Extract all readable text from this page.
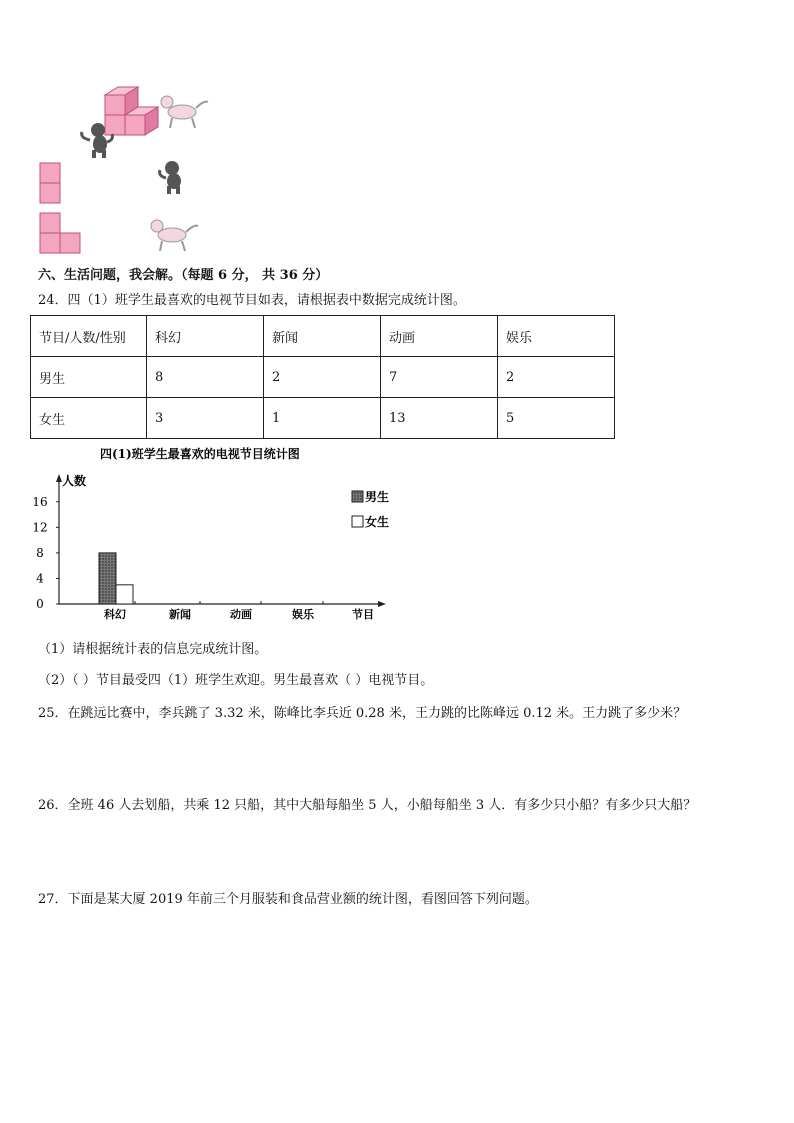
六、生活问题，我会解。（每题 6 分， 共 36 分）
24．四（1）班学生最喜欢的电视节目如表，请根据表中数据完成统计图。
节目/人数/性别	科幻	新闻	动画	娱乐
男生	8	2	7	2
女生	3	1	13	5
四(1)班学生最喜欢的电视节目统计图
人数
节目
0
4
8
12
16
科幻	新闻	动画	娱乐
男生
女生
（1）请根据统计表的信息完成统计图。
（2）（ ）节目最受四（1）班学生欢迎。男生最喜欢（ ）电视节目。
25．在跳远比赛中，李兵跳了 3.32 米，陈峰比李兵近 0.28 米，王力跳的比陈峰远 0.12 米。王力跳了多少米？
26．全班 46 人去划船，共乘 12 只船，其中大船每船坐 5 人，小船每船坐 3 人．有多少只小船？有多少只大船？
27．下面是某大厦 2019 年前三个月服装和食品营业额的统计图，看图回答下列问题。
